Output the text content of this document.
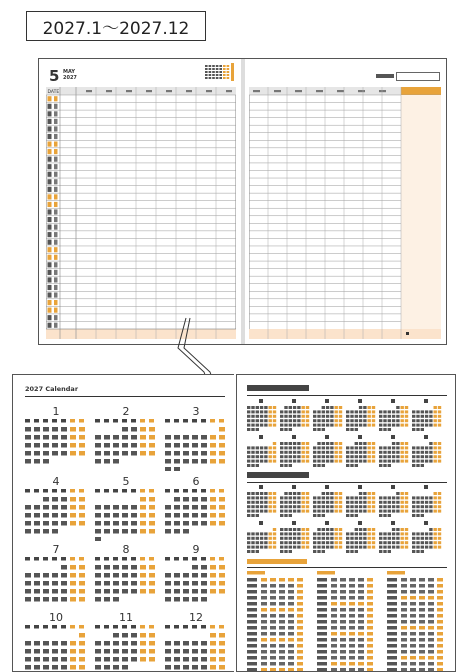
2027.1～2027.12
5 MAY
2027
DATE
2027 Calendar
1	2	3
4	5	6
7	8	9
10	11	12
